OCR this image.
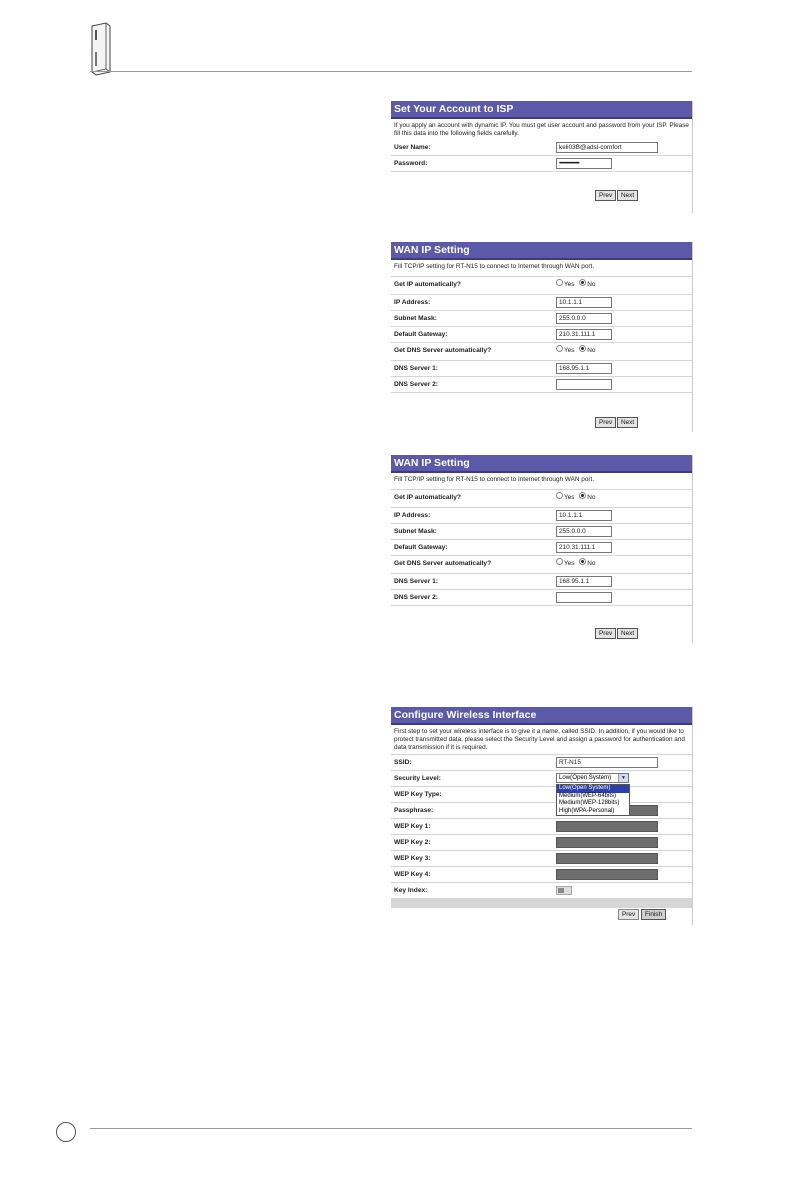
Set Your Account to ISP
If you apply an account with dynamic IP. You must get user account and password from your ISP. Please fill this data into the following fields carefully.
User Name:	keli03B@adsl-comfort
Password:	••••••••••••••••
Prev	Next
WAN IP Setting
Fill TCP/IP setting for RT-N15 to connect to Internet through WAN port.
Get IP automatically?	Yes No
IP Address:	10.1.1.1
Subnet Mask:	255.0.0.0
Default Gateway:	210.31.111.1
Get DNS Server automatically?	Yes No
DNS Server 1:	168.95.1.1
DNS Server 2:
Prev	Next
WAN IP Setting
Fill TCP/IP setting for RT-N15 to connect to Internet through WAN port.
Get IP automatically?	Yes No
IP Address:	10.1.1.1
Subnet Mask:	255.0.0.0
Default Gateway:	210.31.111.1
Get DNS Server automatically?	Yes No
DNS Server 1:	168.95.1.1
DNS Server 2:
Prev	Next
Configure Wireless Interface
First step to set your wireless interface is to give it a name, called SSID. In addition, if you would like to protect transmitted data, please select the Security Level and assign a password for authentication and data transmission if it is required.
SSID:	RT-N15
Security Level:	Low(Open System)	▼
Low(Open System)
Medium(WEP-64bits)
Medium(WEP-128bits)
High(WPA-Personal)
WEP Key Type:
Passphrase:
WEP Key 1:
WEP Key 2:
WEP Key 3:
WEP Key 4:
Key Index:
Prev	Finish
